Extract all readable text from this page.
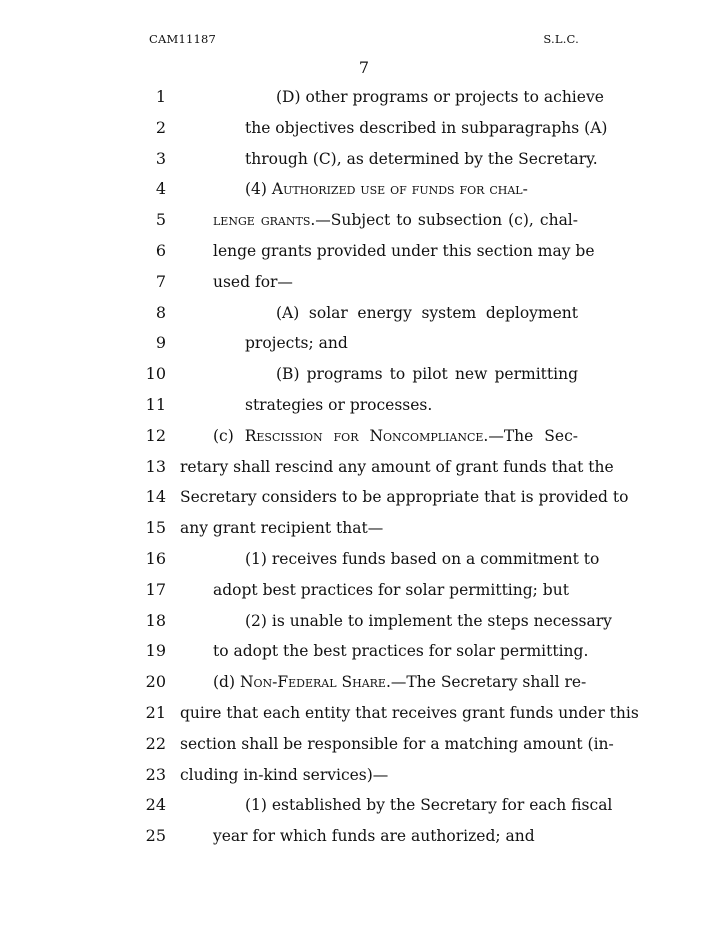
CAM11187	S.L.C.
7
1	(D) other programs or projects to achieve
2	the objectives described in subparagraphs (A)
3	through (C), as determined by the Secretary.
4	(4) Authorized use of funds for chal-
5	lenge grants.—Subject to subsection (c), chal-
6	lenge grants provided under this section may be
7	used for—
8	(A) solar energy system deployment
9	projects; and
10	(B) programs to pilot new permitting
11	strategies or processes.
12	(c) Rescission for Noncompliance.—The Sec-
13 retary shall rescind any amount of grant funds that the
14 Secretary considers to be appropriate that is provided to
15 any grant recipient that—
16	(1) receives funds based on a commitment to
17	adopt best practices for solar permitting; but
18	(2) is unable to implement the steps necessary
19	to adopt the best practices for solar permitting.
20	(d) Non-Federal Share.—The Secretary shall re-
21 quire that each entity that receives grant funds under this
22 section shall be responsible for a matching amount (in-
23 cluding in-kind services)—
24	(1) established by the Secretary for each fiscal
25	year for which funds are authorized; and
